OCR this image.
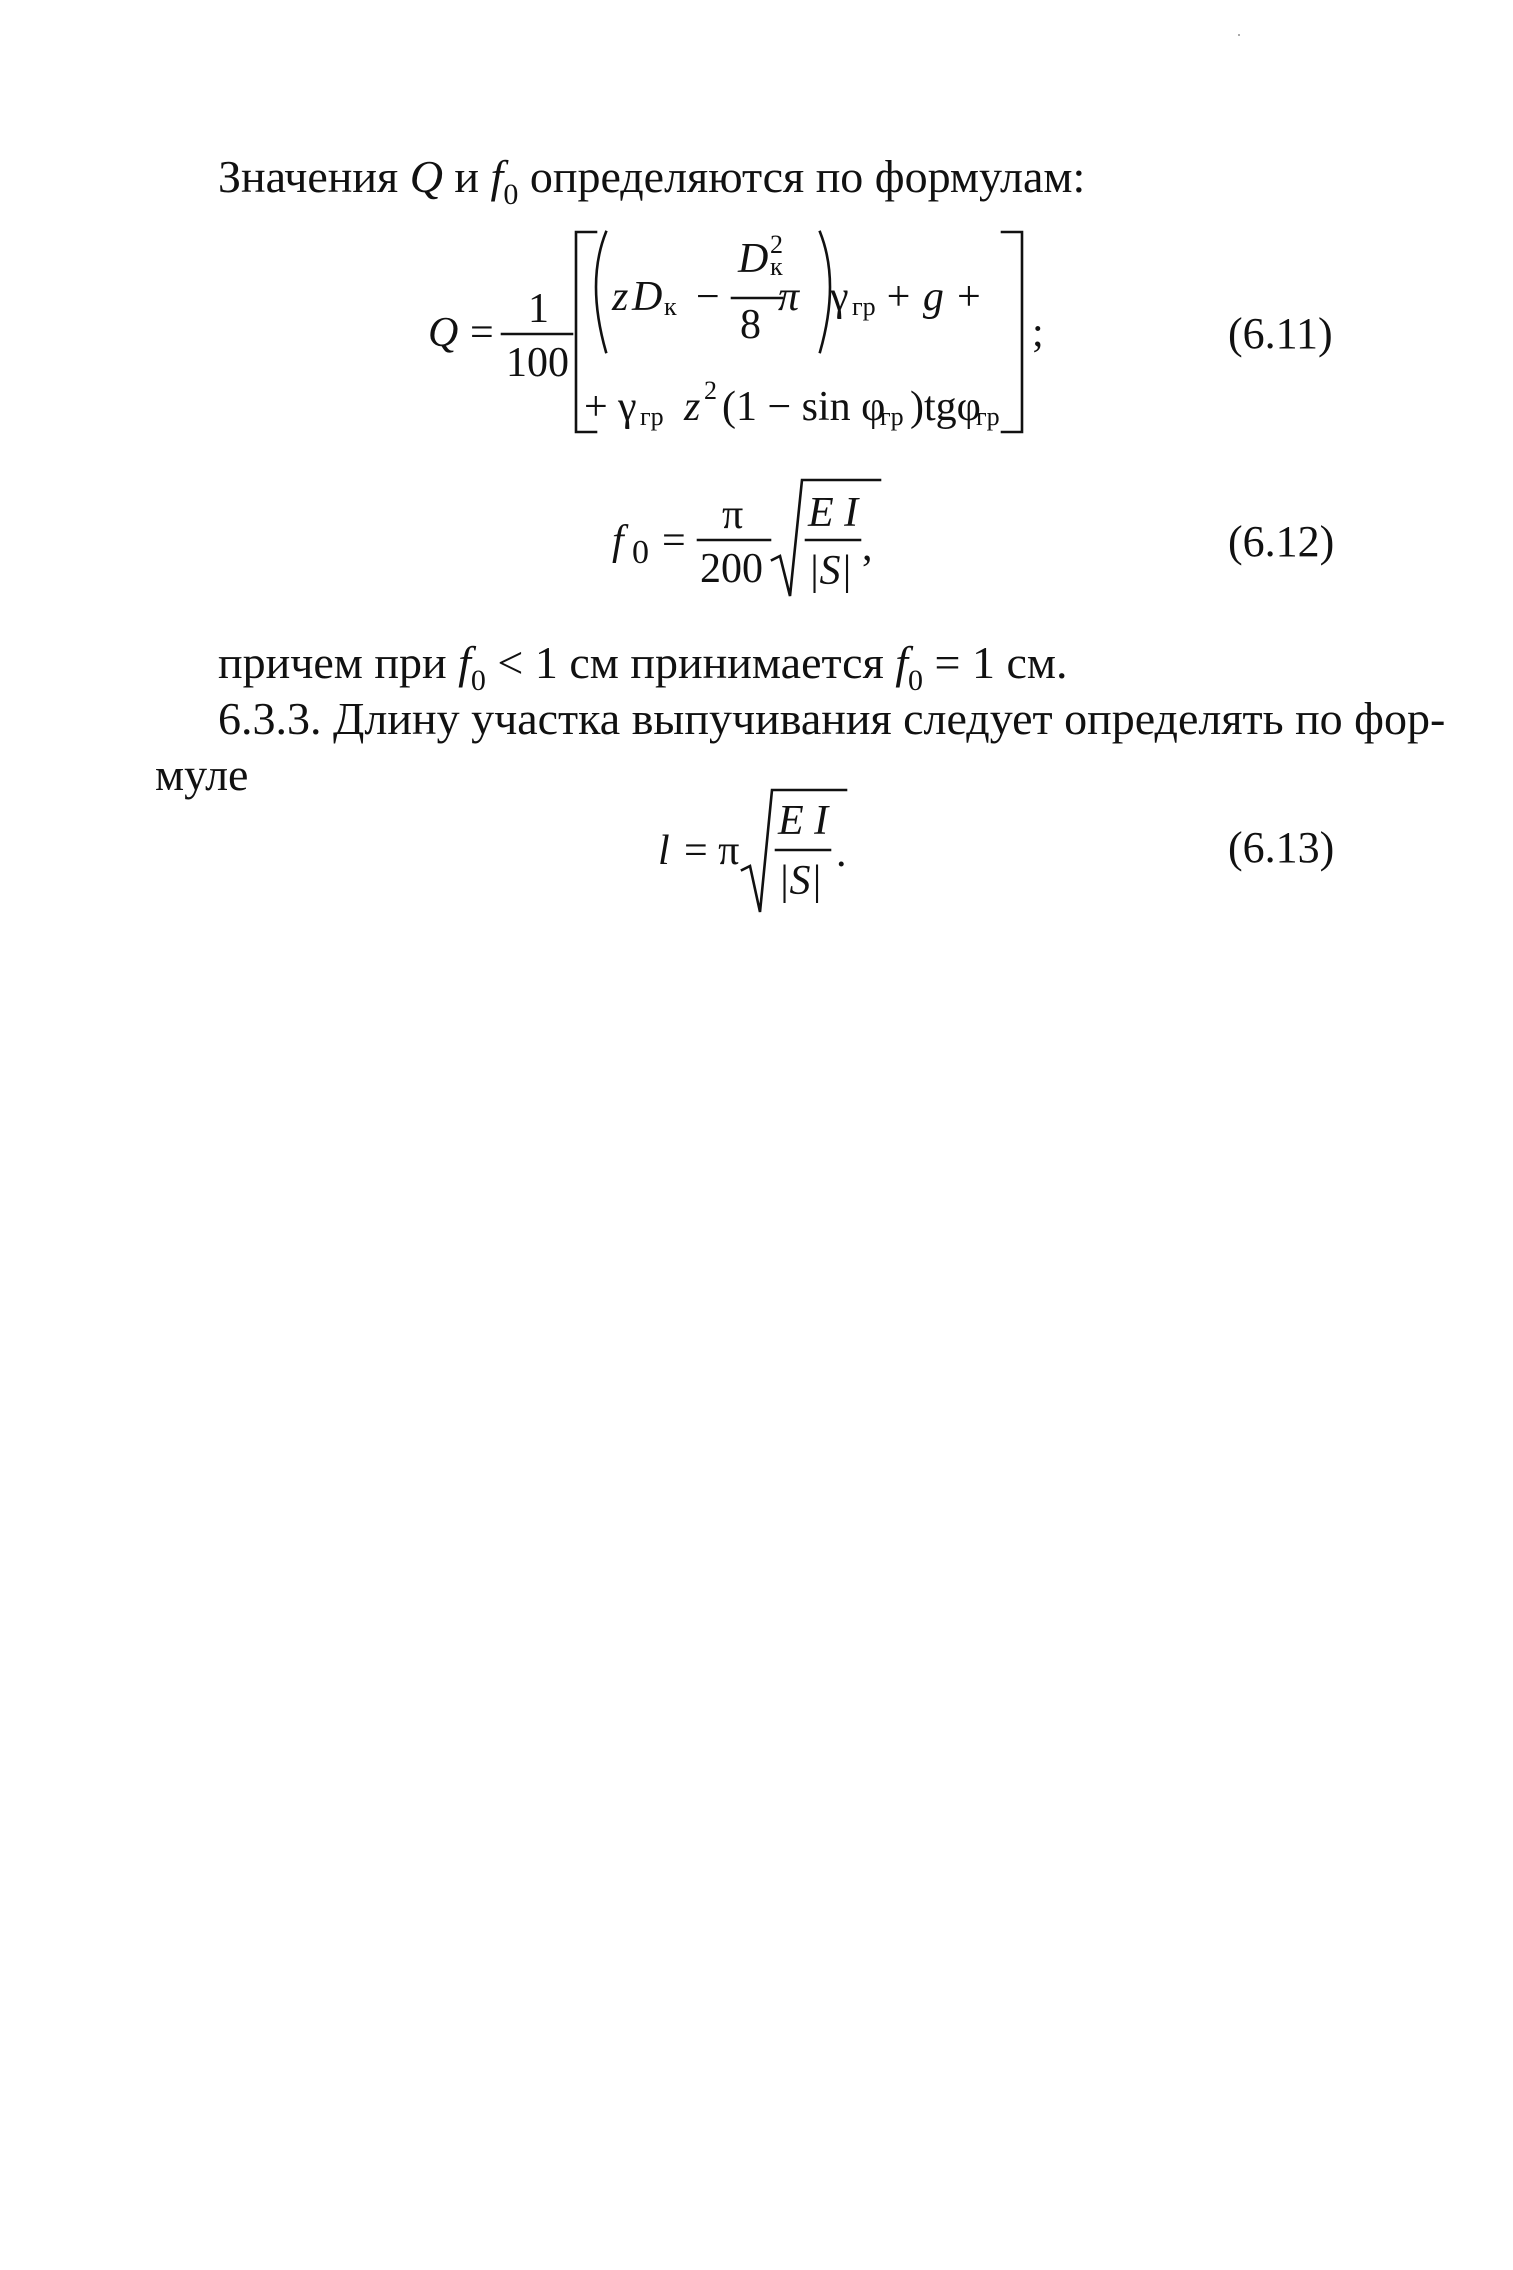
Значения Q и $f_0$ определяются по формулам:
Q =
1
100
z D к −
D 2
к
8
π γ гр + g +
+ γ гр z 2 (1 − sin φ
гр )tgφ
гр
;	(6.11)
f 0 =
π
200
E I
|S|
,	(6.12)
причем при $f_0 < 1$ см принимается $f_0 = 1$ см.
6.3.3. Длину участка выпучивания следует определять по фор-
муле
l = π
E I
|S|
.	(6.13)
